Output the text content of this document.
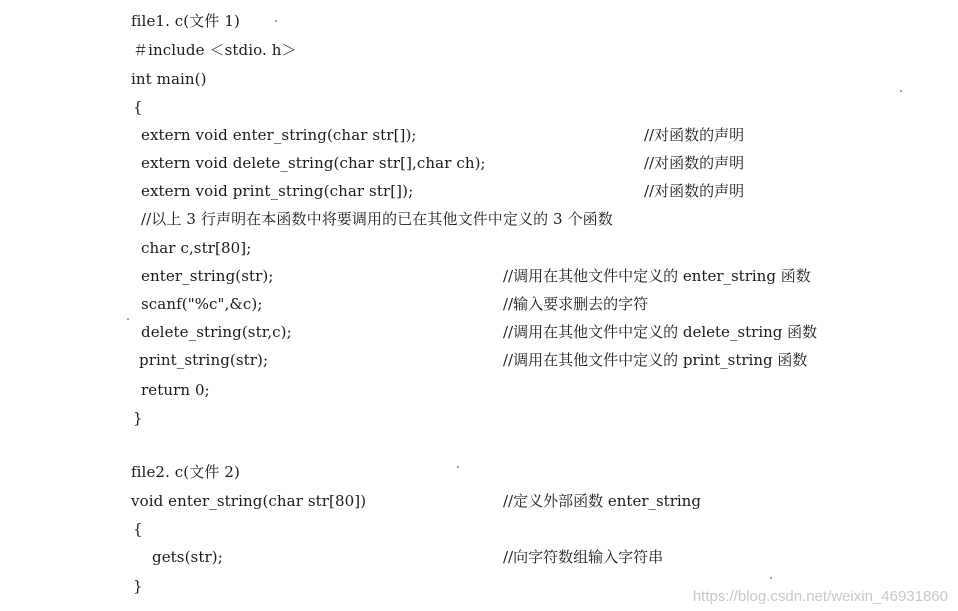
file1. c(文件 1)
＃include ＜stdio. h＞
int main()
{
extern void enter_string(char str[]);	//对函数的声明
extern void delete_string(char str[],char ch);	//对函数的声明
extern void print_string(char str[]);	//对函数的声明
//以上 3 行声明在本函数中将要调用的已在其他文件中定义的 3 个函数
char c,str[80];
enter_string(str);	//调用在其他文件中定义的 enter_string 函数
scanf("%c",&c);	//输入要求删去的字符
delete_string(str,c);	//调用在其他文件中定义的 delete_string 函数
print_string(str);	//调用在其他文件中定义的 print_string 函数
return 0;
}
file2. c(文件 2)
void enter_string(char str[80])	//定义外部函数 enter_string
{
gets(str);	//向字符数组输入字符串
}
https://blog.csdn.net/weixin_46931860
